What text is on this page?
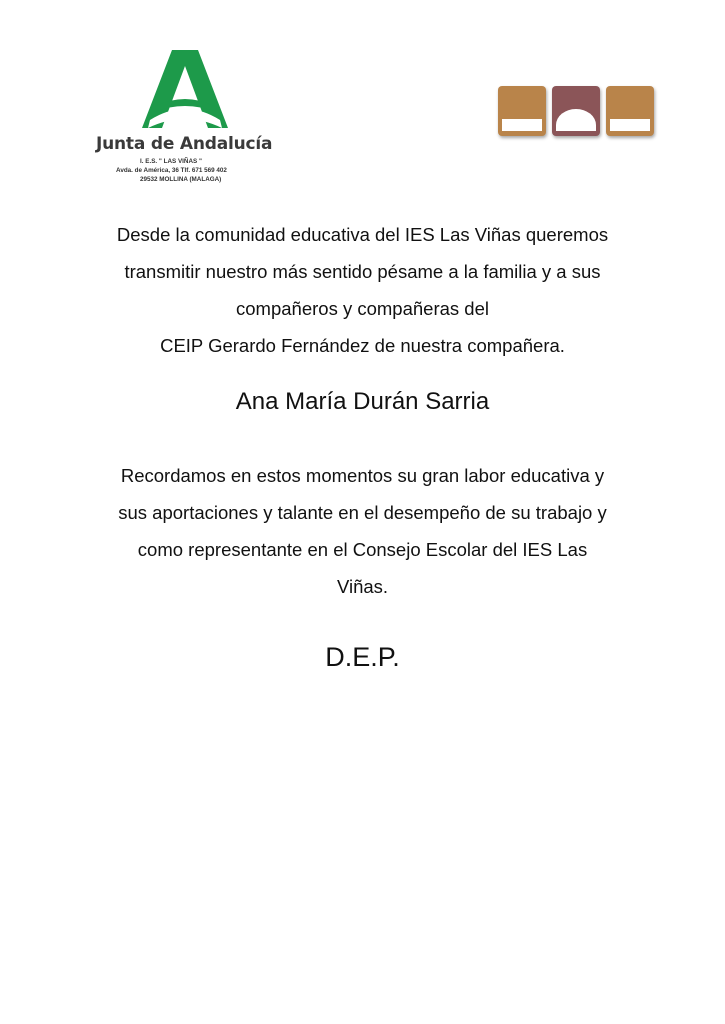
Junta de Andalucía
I. E.S. " LAS VIÑAS "
Avda. de América, 36 Tlf. 671 569 402
29532 MOLLINA (MALAGA)
Desde la comunidad educativa del IES Las Viñas queremos
transmitir nuestro más sentido pésame a la familia y a sus
compañeros y compañeras del
CEIP Gerardo Fernández de nuestra compañera.
Ana María Durán Sarria
Recordamos en estos momentos su gran labor educativa y
sus aportaciones y talante en el desempeño de su trabajo y
como representante en el Consejo Escolar del IES Las
Viñas.
D.E.P.
